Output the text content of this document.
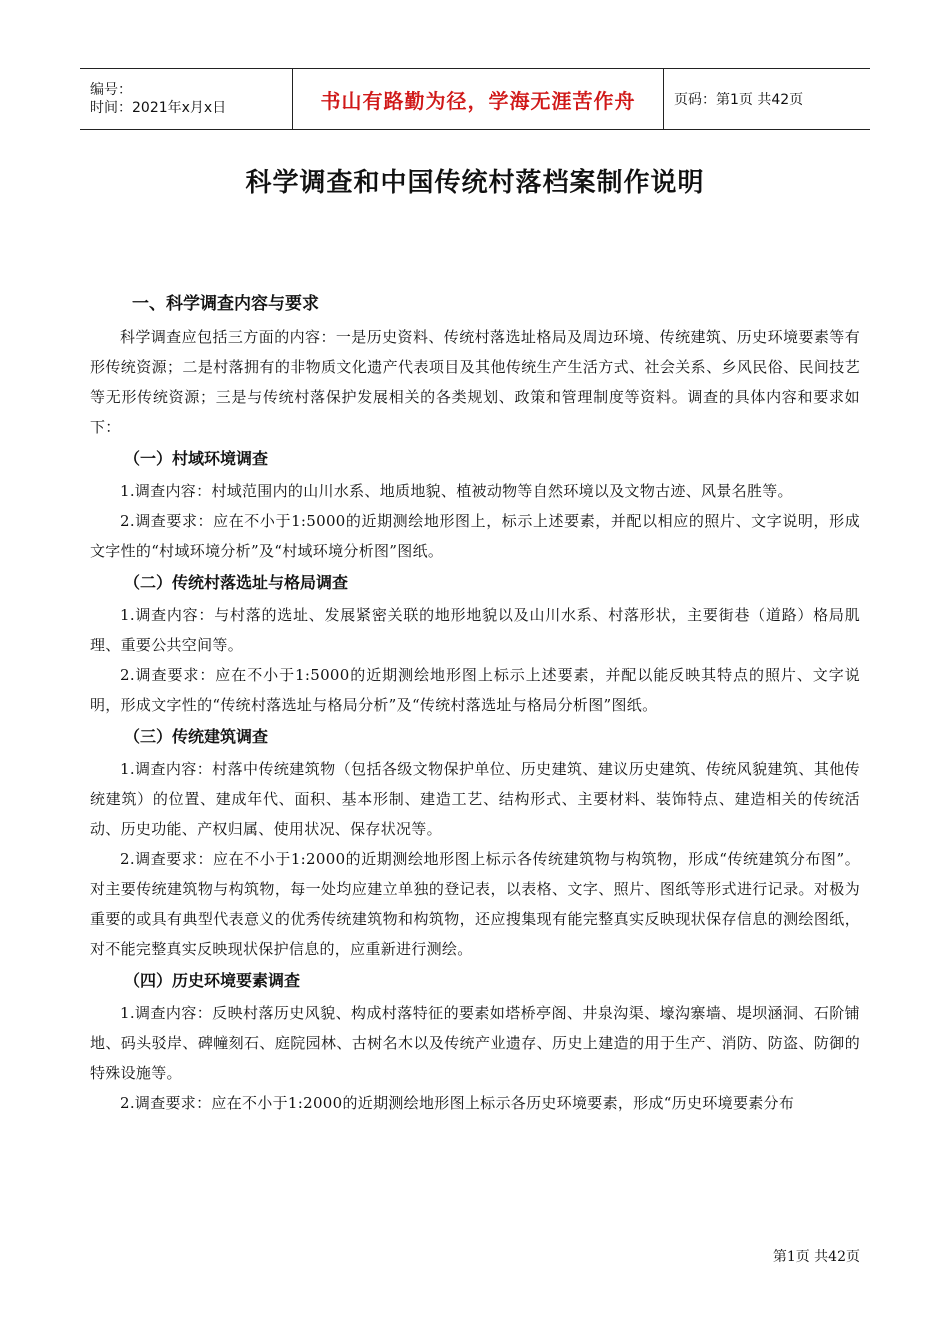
编号：
时间：2021年x月x日	书山有路勤为径，学海无涯苦作舟	页码：第1页 共42页
科学调查和中国传统村落档案制作说明
一、科学调查内容与要求

科学调查应包括三方面的内容：一是历史资料、传统村落选址格局及周边环境、传统建筑、历史环境要素等有形传统资源；二是村落拥有的非物质文化遗产代表项目及其他传统生产生活方式、社会关系、乡风民俗、民间技艺等无形传统资源；三是与传统村落保护发展相关的各类规划、政策和管理制度等资料。调查的具体内容和要求如下：

（一）村域环境调查

1.调查内容：村域范围内的山川水系、地质地貌、植被动物等自然环境以及文物古迹、风景名胜等。

2.调查要求：应在不小于1:5000的近期测绘地形图上，标示上述要素，并配以相应的照片、文字说明，形成文字性的“村域环境分析”及“村域环境分析图”图纸。

（二）传统村落选址与格局调查

1.调查内容：与村落的选址、发展紧密关联的地形地貌以及山川水系、村落形状，主要街巷（道路）格局肌理、重要公共空间等。

2.调查要求：应在不小于1:5000的近期测绘地形图上标示上述要素，并配以能反映其特点的照片、文字说明，形成文字性的“传统村落选址与格局分析”及“传统村落选址与格局分析图”图纸。

（三）传统建筑调查

1.调查内容：村落中传统建筑物（包括各级文物保护单位、历史建筑、建议历史建筑、传统风貌建筑、其他传统建筑）的位置、建成年代、面积、基本形制、建造工艺、结构形式、主要材料、装饰特点、建造相关的传统活动、历史功能、产权归属、使用状况、保存状况等。

2.调查要求：应在不小于1:2000的近期测绘地形图上标示各传统建筑物与构筑物，形成“传统建筑分布图”。对主要传统建筑物与构筑物，每一处均应建立单独的登记表，以表格、文字、照片、图纸等形式进行记录。对极为重要的或具有典型代表意义的优秀传统建筑物和构筑物，还应搜集现有能完整真实反映现状保存信息的测绘图纸，对不能完整真实反映现状保护信息的，应重新进行测绘。

（四）历史环境要素调查

1.调查内容：反映村落历史风貌、构成村落特征的要素如塔桥亭阁、井泉沟渠、壕沟寨墙、堤坝涵洞、石阶铺地、码头驳岸、碑幢刻石、庭院园林、古树名木以及传统产业遗存、历史上建造的用于生产、消防、防盗、防御的特殊设施等。

2.调查要求：应在不小于1:2000的近期测绘地形图上标示各历史环境要素，形成“历史环境要素分布

第1页 共42页
